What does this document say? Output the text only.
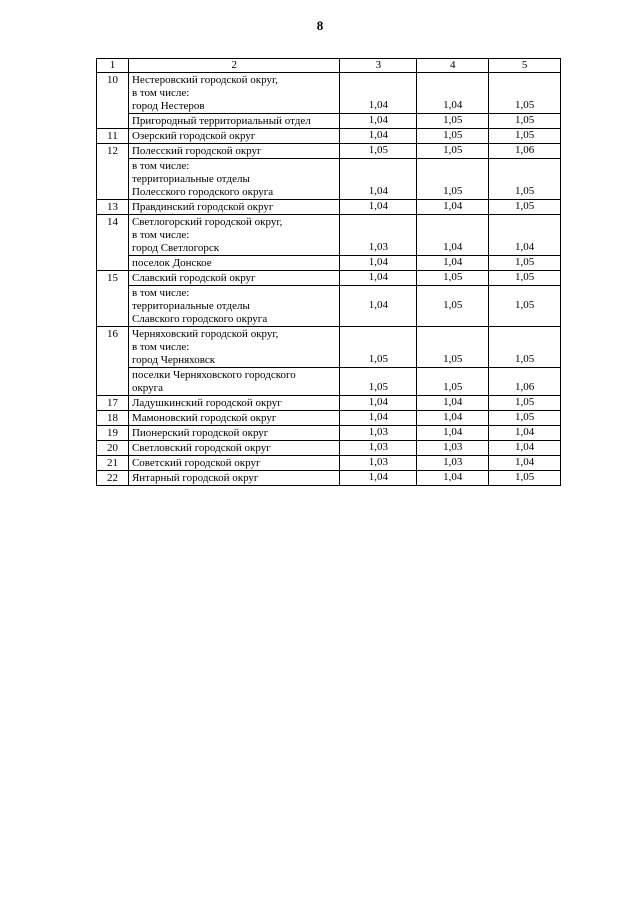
8
1	2	3	4	5
10	Нестеровский городской округ,
в том числе:
город Нестеров	1,04	1,04	1,05

	Пригородный территориальный отдел	1,04	1,05	1,05
11	Озерский городской округ	1,04	1,05	1,05
12	Полесский городской округ	1,05	1,05	1,06

	в том числе:
территориальные отделы
Полесского городского округа	1,04	1,05	1,05
13	Правдинский городской округ	1,04	1,04	1,05
14	Светлогорский городской округ,
в том числе:
город Светлогорск	1,03	1,04	1,04

	поселок Донское	1,04	1,04	1,05
15	Славский городской округ	1,04	1,05	1,05

	в том числе:
территориальные отделы
Славского городского округа	1,04	1,05	1,05
16	Черняховский городской округ,
в том числе:
город Черняховск	1,05	1,05	1,05

	поселки Черняховского городского
округа	1,05	1,05	1,06
17	Ладушкинский городской округ	1,04	1,04	1,05
18	Мамоновский городской округ	1,04	1,04	1,05
19	Пионерский городской округ	1,03	1,04	1,04
20	Светловский городской округ	1,03	1,03	1,04
21	Советский городской округ	1,03	1,03	1,04
22	Янтарный городской округ	1,04	1,04	1,05
